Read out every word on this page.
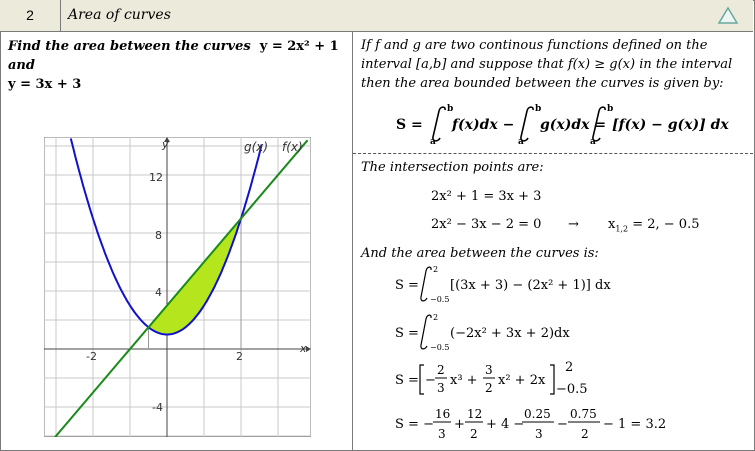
2	Area of curves
Find the area between the curves y = 2x² + 1  and
y = 3x + 3
If f and g are two continous functions defined on the
interval [a,b] and suppose that f(x) ≥ g(x) in the interval
then the area bounded between the curves is given by:
S =
b
a
f(x)dx −
b
a
g(x)dx =
b
a
[f(x) − g(x)] dx
The intersection points are:
2x² + 1 = 3x + 3
$2x^2 - 3x - 2 = 0 \to x_{1,2} = 2$, − 0.5
And the area between the curves is:
S =
2
−0.5
[(3x + 3) − (2x² + 1)] dx
S =
2
−0.5
(−2x² + 3x + 2)dx
S = −
2
3 x³ +
3
2 x² + 2x
2
−0.5
S = −
16
3
+
12
2
+ 4 −
0.25
3
−
0.75
2
− 1 = 3.2
x
y	g(x) f(x)
-2	2
12
8
4
-4
